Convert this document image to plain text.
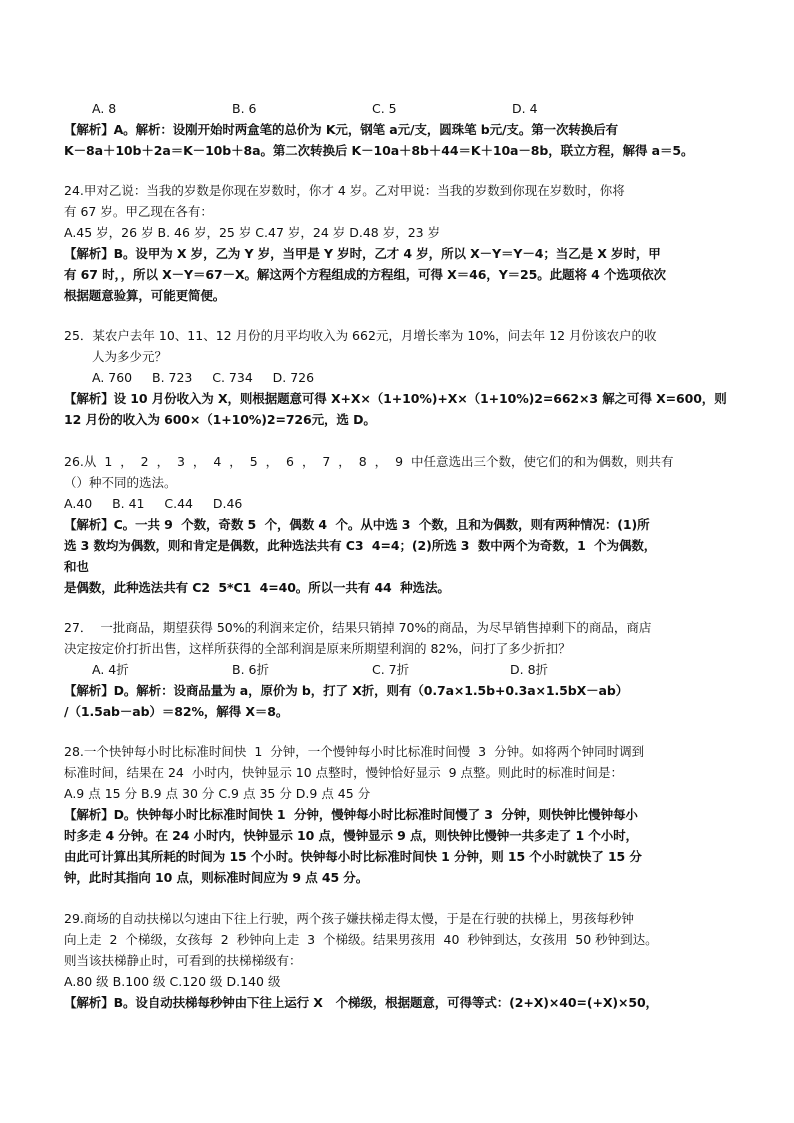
A. 8	B. 6	C. 5	D. 4
【解析】A。解析：设刚开始时两盒笔的总价为 K元，钢笔 a元/支，圆珠笔 b元/支。第一次转换后有
K－8a＋10b＋2a＝K－10b＋8a。第二次转换后 K－10a＋8b＋44＝K＋10a－8b，联立方程，解得 a＝5。
24.甲对乙说：当我的岁数是你现在岁数时，你才 4 岁。乙对甲说：当我的岁数到你现在岁数时，你将
有 67 岁。甲乙现在各有：
A.45 岁，26 岁 B. 46 岁，25 岁 C.47 岁，24 岁 D.48 岁，23 岁
【解析】B。设甲为 X 岁，乙为 Y 岁，当甲是 Y 岁时，乙才 4 岁，所以 X－Y＝Y－4；当乙是 X 岁时，甲
有 67 时，，所以 X－Y＝67－X。解这两个方程组成的方程组，可得 X＝46，Y＝25。此题将 4 个选项依次
根据题意验算，可能更简便。
25．某农户去年 10、11、12 月份的月平均收入为 662元，月增长率为 10%，问去年 12 月份该农户的收
人为多少元？
A. 760     B. 723     C. 734     D. 726
【解析】设 10 月份收入为 X，则根据题意可得 X+X×（1+10%)+X×（1+10%)2=662×3 解之可得 X=600，则
12 月份的收入为 600×（1+10%)2=726元，选 D。
26.从  1  ，  2  ，  3  ，  4  ，  5  ，  6  ，  7  ，  8  ，  9  中任意选出三个数，使它们的和为偶数，则共有
（）种不同的选法。
A.40     B. 41     C.44     D.46
【解析】C。一共 9  个数，奇数 5  个，偶数 4  个。从中选 3  个数，且和为偶数，则有两种情况：(1)所
选 3 数均为偶数，则和肯定是偶数，此种选法共有 C3  4=4；(2)所选 3  数中两个为奇数，1  个为偶数，
和也
是偶数，此种选法共有 C2  5*C1  4=40。所以一共有 44  种选法。
27．  一批商品，期望获得 50%的利润来定价，结果只销掉 70%的商品，为尽早销售掉剩下的商品，商店
决定按定价打折出售，这样所获得的全部利润是原来所期望利润的 82%，问打了多少折扣？
A. 4折	B. 6折	C. 7折	D. 8折
【解析】D。解析：设商品量为 a，原价为 b，打了 X折，则有（0.7a×1.5b+0.3a×1.5bX－ab）
/（1.5ab－ab）＝82%，解得 X＝8。
28.一个快钟每小时比标准时间快  1  分钟，一个慢钟每小时比标准时间慢  3  分钟。如将两个钟同时调到
标准时间，结果在 24  小时内，快钟显示 10 点整时，慢钟恰好显示  9 点整。则此时的标准时间是：
A.9 点 15 分 B.9 点 30 分 C.9 点 35 分 D.9 点 45 分
【解析】D。快钟每小时比标准时间快 1  分钟，慢钟每小时比标准时间慢了 3  分钟，则快钟比慢钟每小
时多走 4 分钟。在 24 小时内，快钟显示 10 点，慢钟显示 9 点，则快钟比慢钟一共多走了 1 个小时，
由此可计算出其所耗的时间为 15 个小时。快钟每小时比标准时间快 1 分钟，则 15 个小时就快了 15 分
钟，此时其指向 10 点，则标准时间应为 9 点 45 分。
29.商场的自动扶梯以匀速由下往上行驶，两个孩子嫌扶梯走得太慢，于是在行驶的扶梯上，男孩每秒钟
向上走  2  个梯级，女孩每  2  秒钟向上走  3  个梯级。结果男孩用  40  秒钟到达，女孩用  50 秒钟到达。
则当该扶梯静止时，可看到的扶梯梯级有：
A.80 级 B.100 级 C.120 级 D.140 级
【解析】B。设自动扶梯每秒钟由下往上运行 X   个梯级，根据题意，可得等式：(2+X)×40=(+X)×50，
